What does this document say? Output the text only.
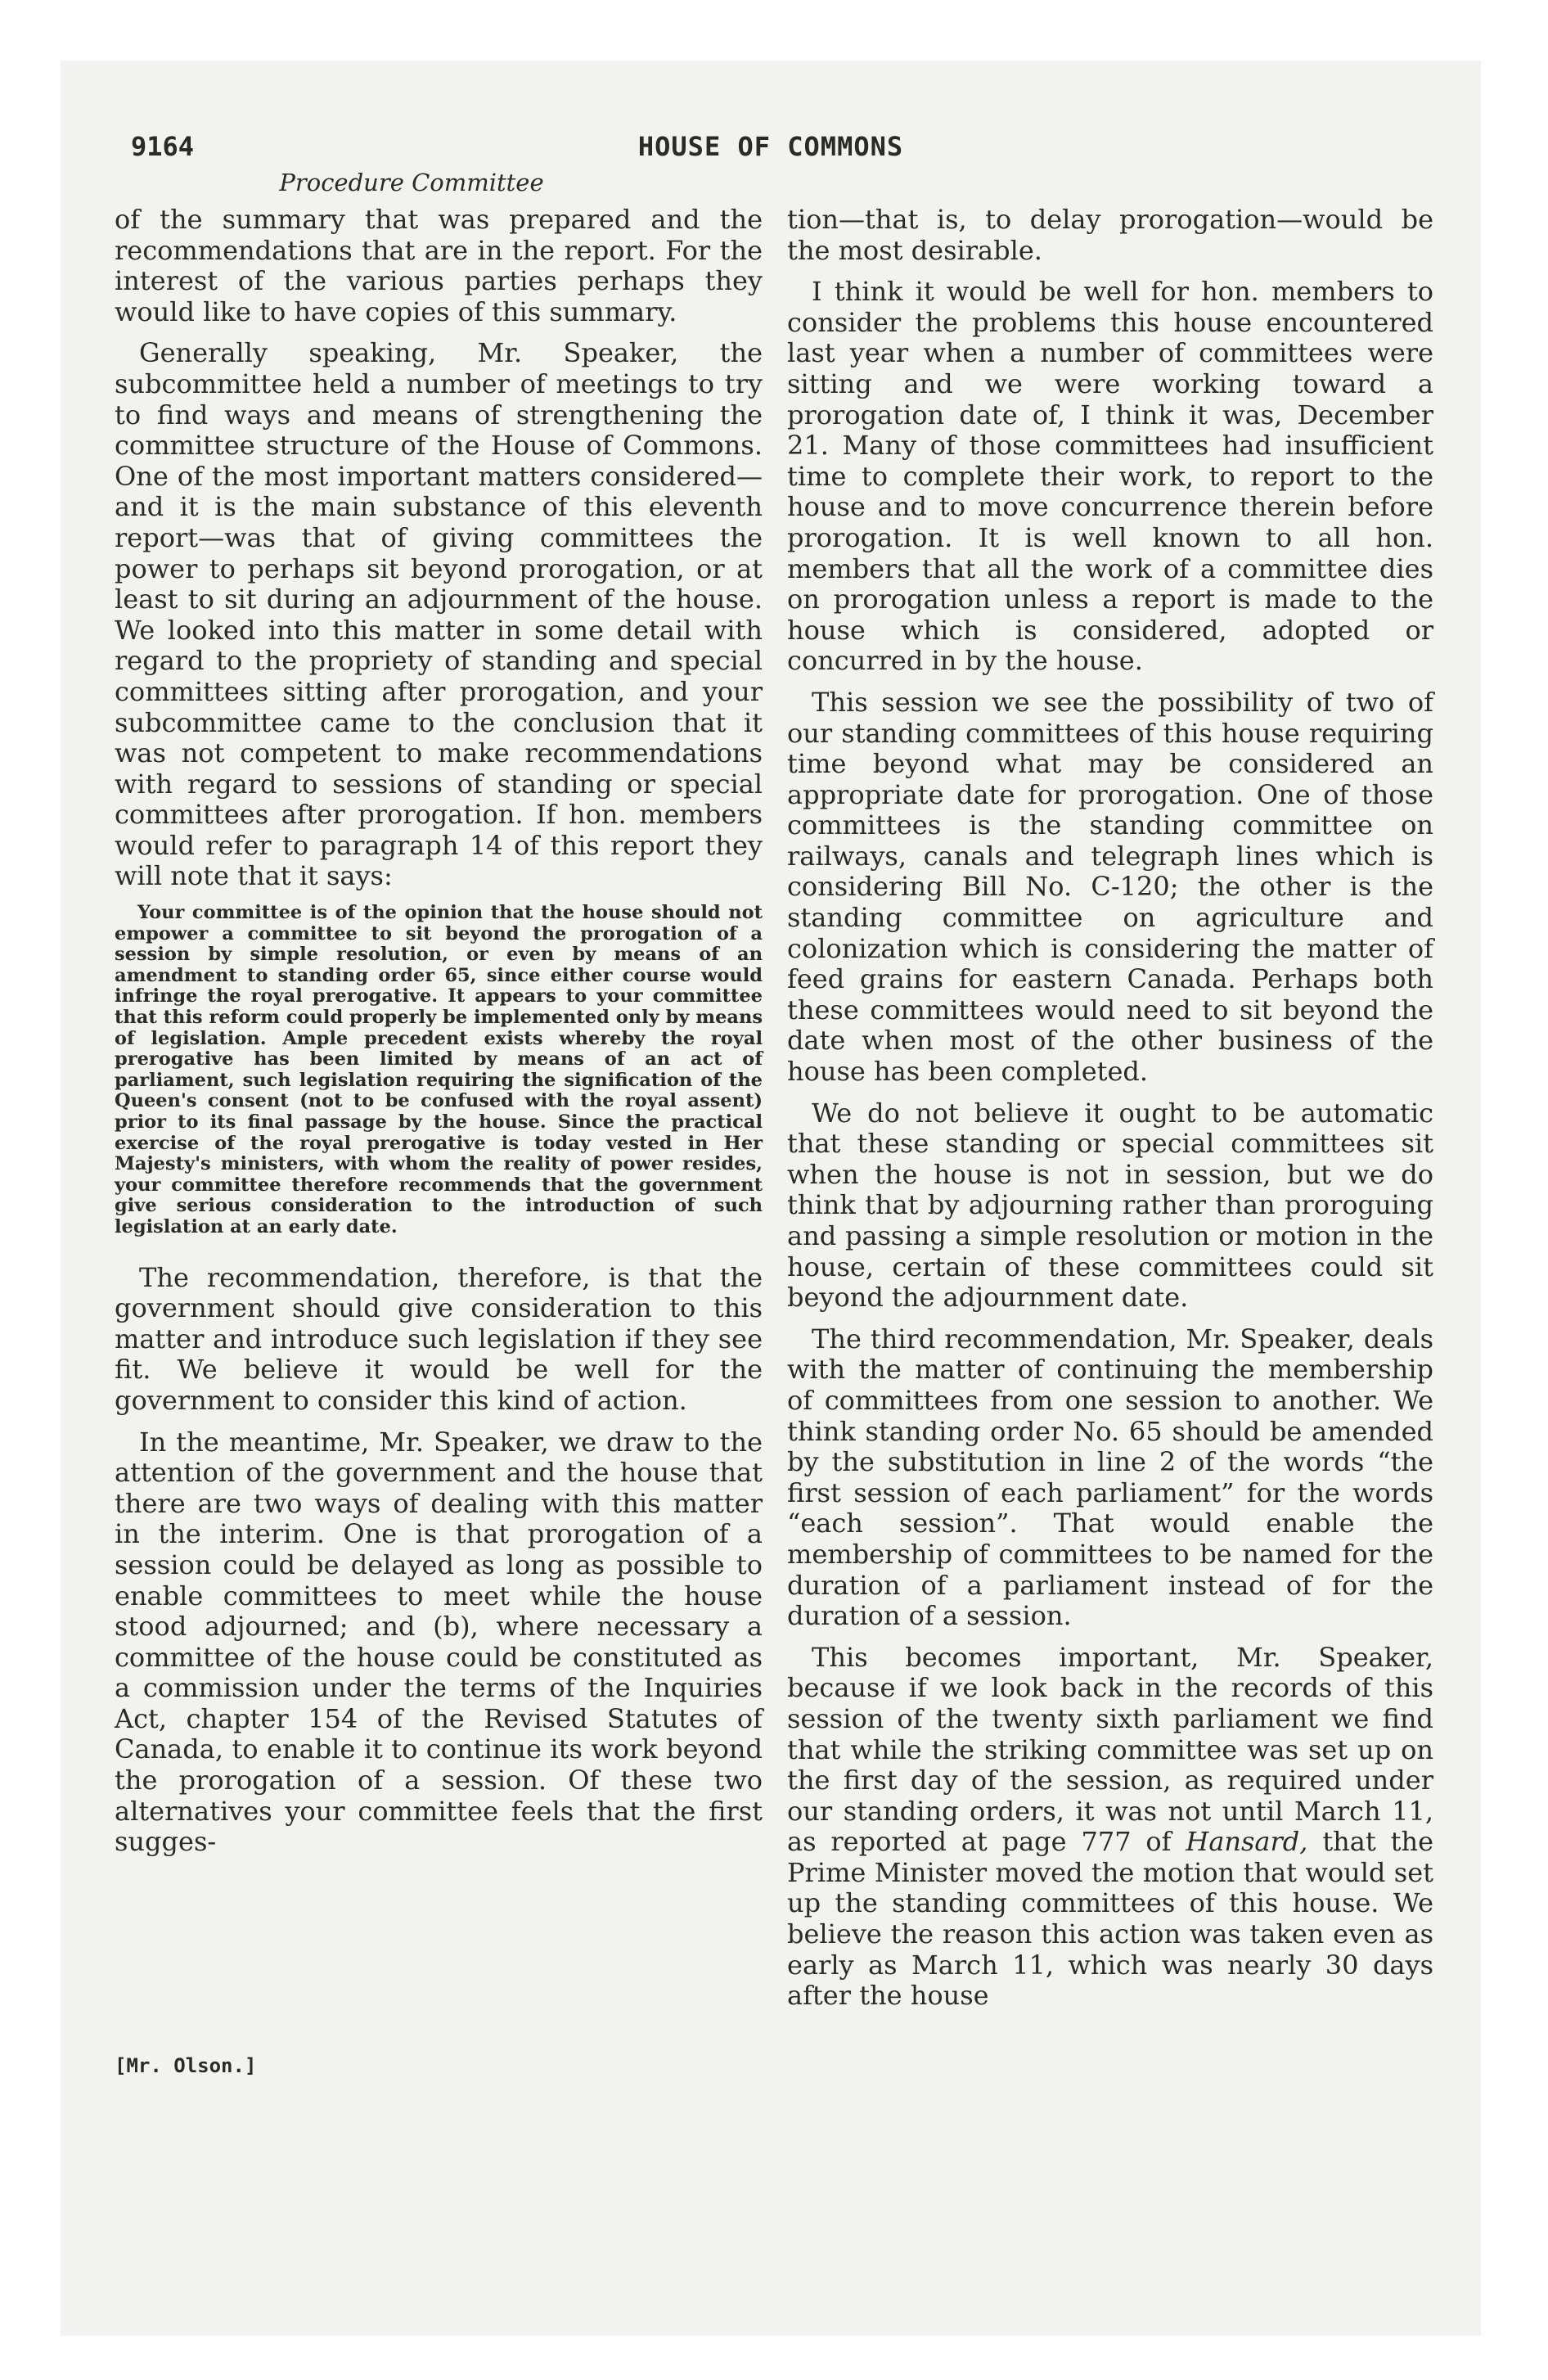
9164	HOUSE OF COMMONS
Procedure Committee

of the summary that was prepared and the recommendations that are in the report. For the interest of the various parties perhaps they would like to have copies of this summary.

Generally speaking, Mr. Speaker, the subcommittee held a number of meetings to try to find ways and means of strengthening the committee structure of the House of Commons. One of the most important matters considered—and it is the main substance of this eleventh report—was that of giving committees the power to perhaps sit beyond prorogation, or at least to sit during an adjournment of the house. We looked into this matter in some detail with regard to the propriety of standing and special committees sitting after prorogation, and your subcommittee came to the conclusion that it was not competent to make recommendations with regard to sessions of standing or special committees after prorogation. If hon. members would refer to paragraph 14 of this report they will note that it says:

Your committee is of the opinion that the house should not empower a committee to sit beyond the prorogation of a session by simple resolution, or even by means of an amendment to standing order 65, since either course would infringe the royal prerogative. It appears to your committee that this reform could properly be implemented only by means of legislation. Ample precedent exists whereby the royal prerogative has been limited by means of an act of parliament, such legislation requiring the signification of the Queen's consent (not to be confused with the royal assent) prior to its final passage by the house. Since the practical exercise of the royal prerogative is today vested in Her Majesty's ministers, with whom the reality of power resides, your committee therefore recommends that the government give serious consideration to the introduction of such legislation at an early date.

The recommendation, therefore, is that the government should give consideration to this matter and introduce such legislation if they see fit. We believe it would be well for the government to consider this kind of action.

In the meantime, Mr. Speaker, we draw to the attention of the government and the house that there are two ways of dealing with this matter in the interim. One is that prorogation of a session could be delayed as long as possible to enable committees to meet while the house stood adjourned; and (b), where necessary a committee of the house could be constituted as a commission under the terms of the Inquiries Act, chapter 154 of the Revised Statutes of Canada, to enable it to continue its work beyond the prorogation of a session. Of these two alternatives your committee feels that the first sugges-

tion—that is, to delay prorogation—would be the most desirable.

I think it would be well for hon. members to consider the problems this house encountered last year when a number of committees were sitting and we were working toward a prorogation date of, I think it was, December 21. Many of those committees had insufficient time to complete their work, to report to the house and to move concurrence therein before prorogation. It is well known to all hon. members that all the work of a committee dies on prorogation unless a report is made to the house which is considered, adopted or concurred in by the house.

This session we see the possibility of two of our standing committees of this house requiring time beyond what may be considered an appropriate date for prorogation. One of those committees is the standing committee on railways, canals and telegraph lines which is considering Bill No. C-120; the other is the standing committee on agriculture and colonization which is considering the matter of feed grains for eastern Canada. Perhaps both these committees would need to sit beyond the date when most of the other business of the house has been completed.

We do not believe it ought to be automatic that these standing or special committees sit when the house is not in session, but we do think that by adjourning rather than proroguing and passing a simple resolution or motion in the house, certain of these committees could sit beyond the adjournment date.

The third recommendation, Mr. Speaker, deals with the matter of continuing the membership of committees from one session to another. We think standing order No. 65 should be amended by the substitution in line 2 of the words “the first session of each parliament” for the words “each session”. That would enable the membership of committees to be named for the duration of a parliament instead of for the duration of a session.

This becomes important, Mr. Speaker, because if we look back in the records of this session of the twenty sixth parliament we find that while the striking committee was set up on the first day of the session, as required under our standing orders, it was not until March 11, as reported at page 777 of Hansard, that the Prime Minister moved the motion that would set up the standing committees of this house. We believe the reason this action was taken even as early as March 11, which was nearly 30 days after the house

[Mr. Olson.]
